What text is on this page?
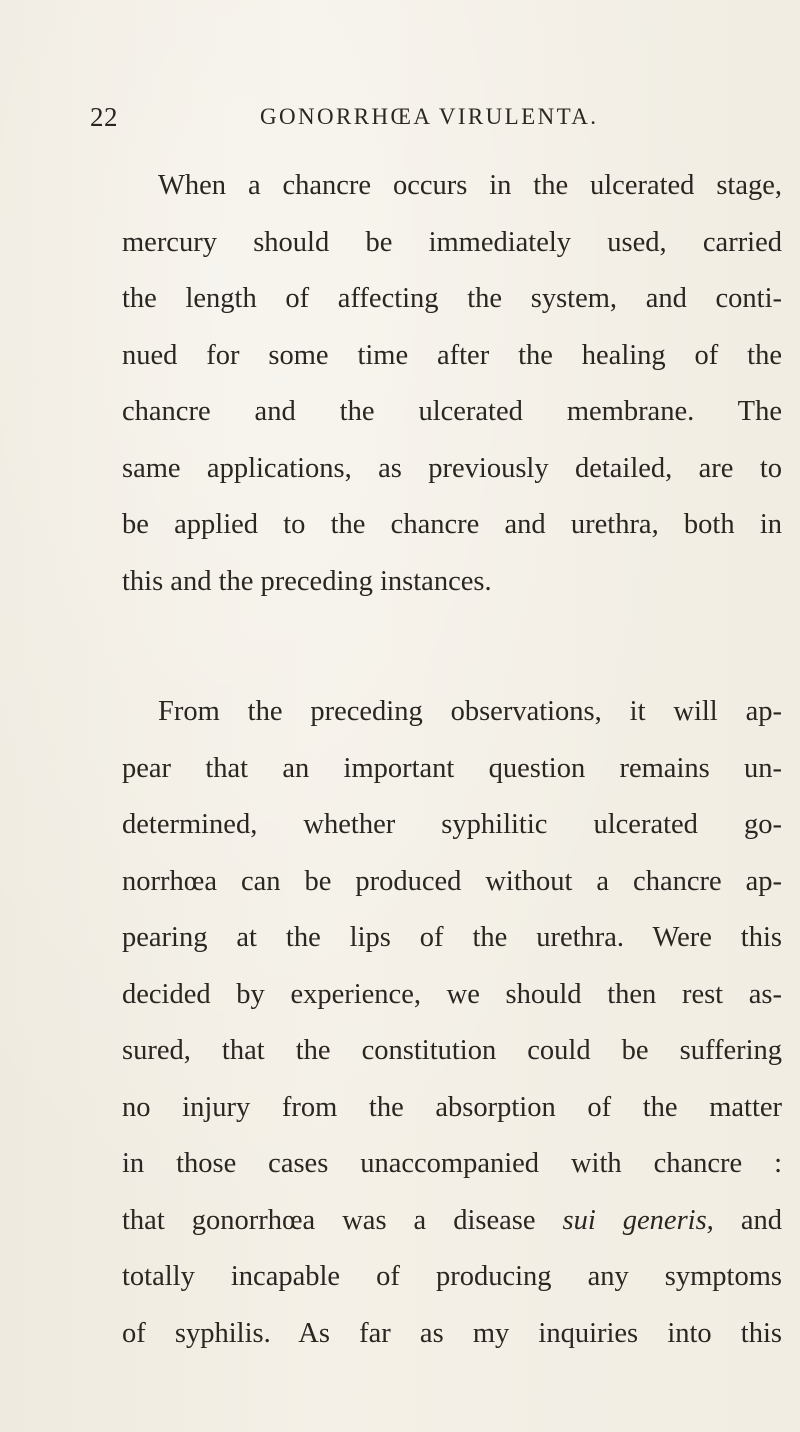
22	GONORRHŒA VIRULENTA.
When a chancre occurs in the ulcerated stage,
mercury should be immediately used, carried
the length of affecting the system, and conti-
nued for some time after the healing of the
chancre and the ulcerated membrane. The
same applications, as previously detailed, are to
be applied to the chancre and urethra, both in
this and the preceding instances.
From the preceding observations, it will ap-
pear that an important question remains un-
determined, whether syphilitic ulcerated go-
norrhœa can be produced without a chancre ap-
pearing at the lips of the urethra. Were this
decided by experience, we should then rest as-
sured, that the constitution could be suffering
no injury from the absorption of the matter
in those cases unaccompanied with chancre :
that gonorrhœa was a disease sui generis, and
totally incapable of producing any symptoms
of syphilis. As far as my inquiries into this
